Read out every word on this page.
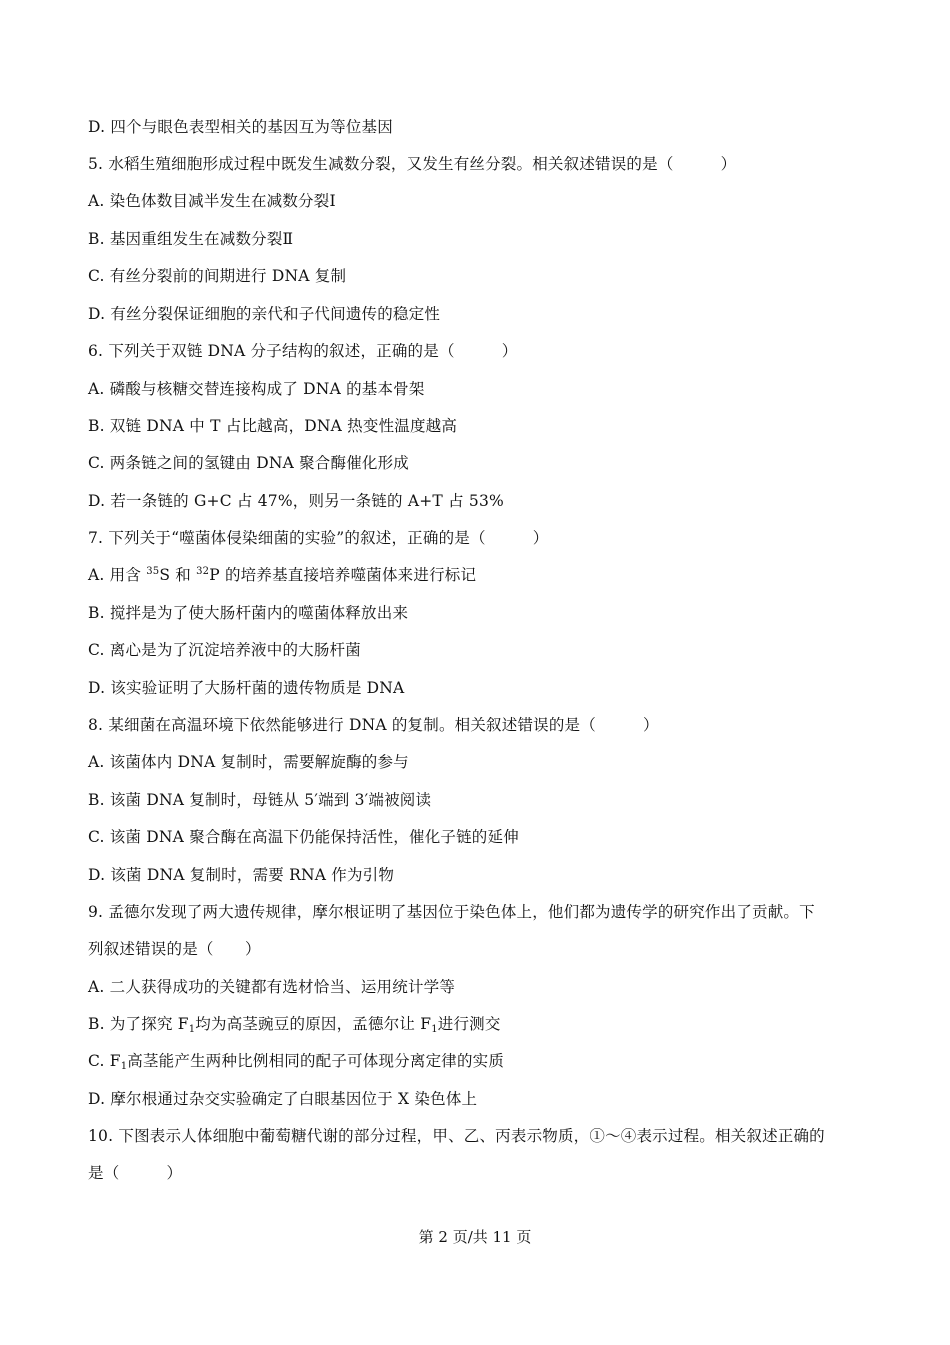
D. 四个与眼色表型相关的基因互为等位基因
5. 水稻生殖细胞形成过程中既发生减数分裂，又发生有丝分裂。相关叙述错误的是（　　　）
A. 染色体数目减半发生在减数分裂Ⅰ
B. 基因重组发生在减数分裂Ⅱ
C. 有丝分裂前的间期进行 DNA 复制
D. 有丝分裂保证细胞的亲代和子代间遗传的稳定性
6. 下列关于双链 DNA 分子结构的叙述，正确的是（　　　）
A. 磷酸与核糖交替连接构成了 DNA 的基本骨架
B. 双链 DNA 中 T 占比越高，DNA 热变性温度越高
C. 两条链之间的氢键由 DNA 聚合酶催化形成
D. 若一条链的 G+C 占 47%，则另一条链的 A+T 占 53%
7. 下列关于“噬菌体侵染细菌的实验”的叙述，正确的是（　　　）
A. 用含 $^{35}$S 和 $^{32}$P 的培养基直接培养噬菌体来进行标记
B. 搅拌是为了使大肠杆菌内的噬菌体释放出来
C. 离心是为了沉淀培养液中的大肠杆菌
D. 该实验证明了大肠杆菌的遗传物质是 DNA
8. 某细菌在高温环境下依然能够进行 DNA 的复制。相关叙述错误的是（　　　）
A. 该菌体内 DNA 复制时，需要解旋酶的参与
B. 该菌 DNA 复制时，母链从 5′端到 3′端被阅读
C. 该菌 DNA 聚合酶在高温下仍能保持活性，催化子链的延伸
D. 该菌 DNA 复制时，需要 RNA 作为引物
9. 孟德尔发现了两大遗传规律，摩尔根证明了基因位于染色体上，他们都为遗传学的研究作出了贡献。下
列叙述错误的是（　　）
A. 二人获得成功的关键都有选材恰当、运用统计学等
B. 为了探究 $F_1$均为高茎豌豆的原因，孟德尔让 $F_1$进行测交
C. $F_1$高茎能产生两种比例相同的配子可体现分离定律的实质
D. 摩尔根通过杂交实验确定了白眼基因位于 X 染色体上
10. 下图表示人体细胞中葡萄糖代谢的部分过程，甲、乙、丙表示物质，①～④表示过程。相关叙述正确的
是（　　　）
第 2 页/共 11 页
